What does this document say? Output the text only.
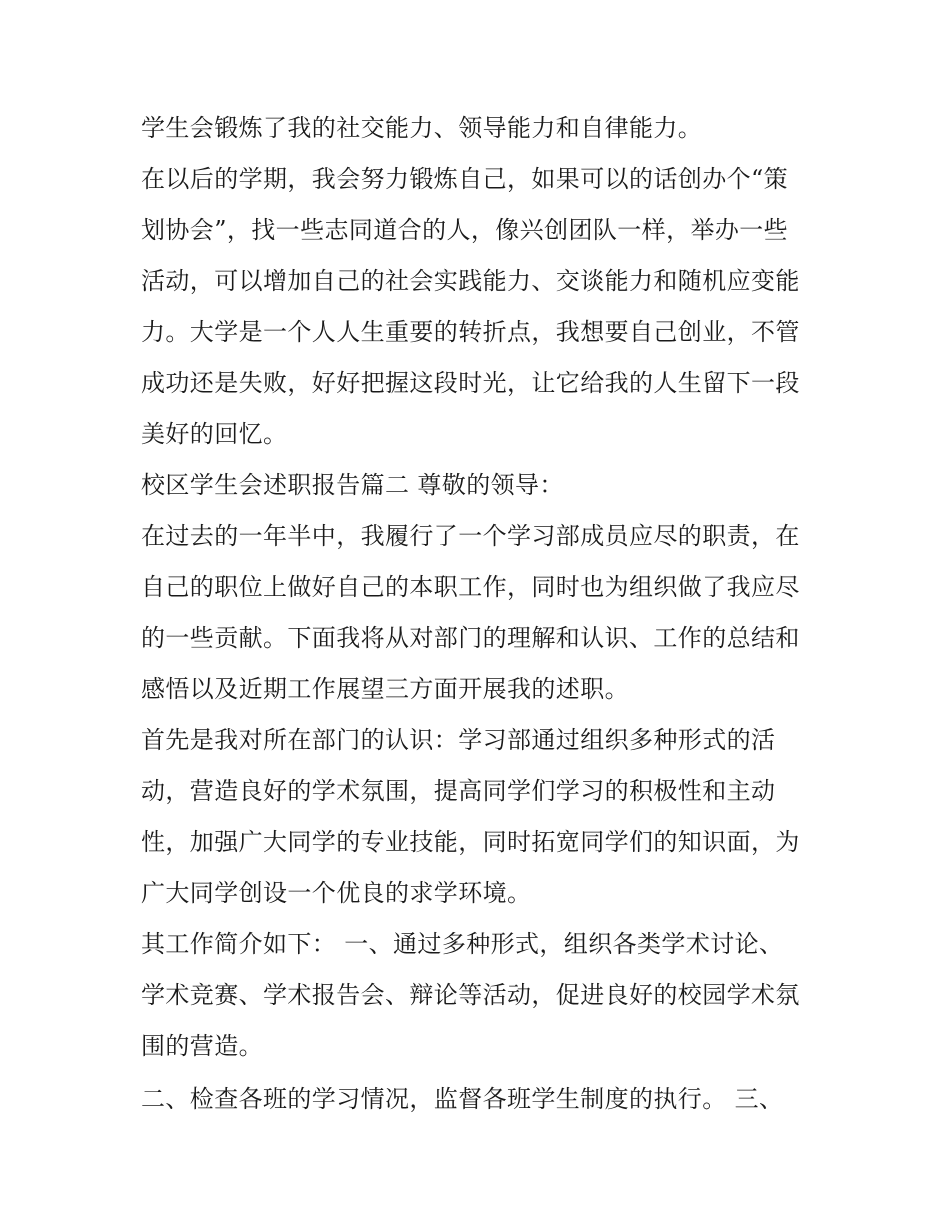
学生会锻炼了我的社交能力、领导能力和自律能力。

在以后的学期，我会努力锻炼自己，如果可以的话创办个“策

划协会”，找一些志同道合的人，像兴创团队一样，举办一些

活动，可以增加自己的社会实践能力、交谈能力和随机应变能

力。大学是一个人人生重要的转折点，我想要自己创业，不管

成功还是失败，好好把握这段时光，让它给我的人生留下一段

美好的回忆。

校区学生会述职报告篇二 尊敬的领导：

在过去的一年半中，我履行了一个学习部成员应尽的职责，在

自己的职位上做好自己的本职工作，同时也为组织做了我应尽

的一些贡献。下面我将从对部门的理解和认识、工作的总结和

感悟以及近期工作展望三方面开展我的述职。

首先是我对所在部门的认识：学习部通过组织多种形式的活

动，营造良好的学术氛围，提高同学们学习的积极性和主动

性，加强广大同学的专业技能，同时拓宽同学们的知识面，为

广大同学创设一个优良的求学环境。

其工作简介如下： 一、通过多种形式，组织各类学术讨论、

学术竞赛、学术报告会、辩论等活动，促进良好的校园学术氛

围的营造。

二、检查各班的学习情况，监督各班学生制度的执行。 三、
